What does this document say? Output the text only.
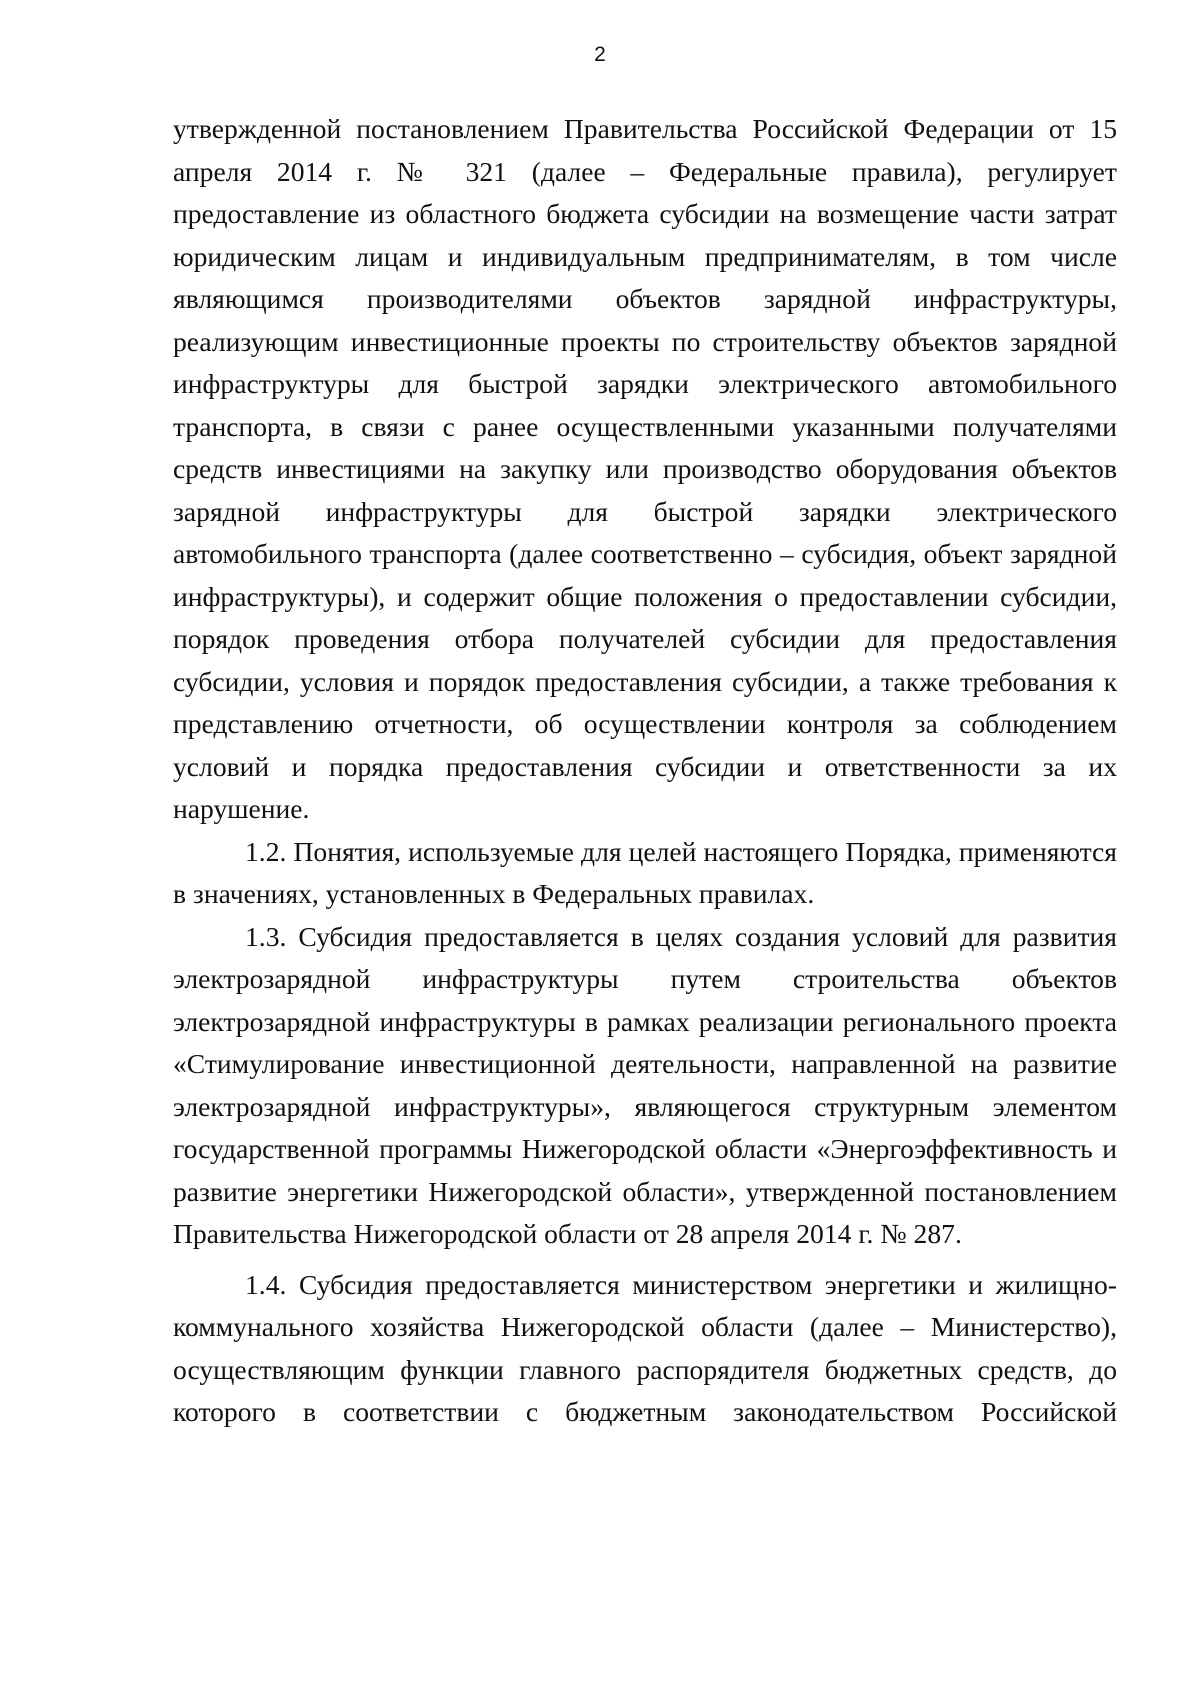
2

утвержденной постановлением Правительства Российской Федерации от 15 апреля 2014 г. № 321 (далее – Федеральные правила), регулирует предоставление из областного бюджета субсидии на возмещение части затрат юридическим лицам и индивидуальным предпринимателям, в том числе являющимся производителями объектов зарядной инфраструктуры, реализующим инвестиционные проекты по строительству объектов зарядной инфраструктуры для быстрой зарядки электрического автомобильного транспорта, в связи с ранее осуществленными указанными получателями средств инвестициями на закупку или производство оборудования объектов зарядной инфраструктуры для быстрой зарядки электрического автомобильного транспорта (далее соответственно – субсидия, объект зарядной инфраструктуры), и содержит общие положения о предоставлении субсидии, порядок проведения отбора получателей субсидии для предоставления субсидии, условия и порядок предоставления субсидии, а также требования к представлению отчетности, об осуществлении контроля за соблюдением условий и порядка предоставления субсидии и ответственности за их нарушение.

1.2. Понятия, используемые для целей настоящего Порядка, применяются в значениях, установленных в Федеральных правилах.

1.3. Субсидия предоставляется в целях создания условий для развития электрозарядной инфраструктуры путем строительства объектов электрозарядной инфраструктуры в рамках реализации регионального проекта «Стимулирование инвестиционной деятельности, направленной на развитие электрозарядной инфраструктуры», являющегося структурным элементом государственной программы Нижегородской области «Энергоэффективность и развитие энергетики Нижегородской области», утвержденной постановлением Правительства Нижегородской области от 28 апреля 2014 г. № 287.

1.4. Субсидия предоставляется министерством энергетики и жилищно-коммунального хозяйства Нижегородской области (далее – Министерство), осуществляющим функции главного распорядителя бюджетных средств, до которого в соответствии с бюджетным законодательством Российской
